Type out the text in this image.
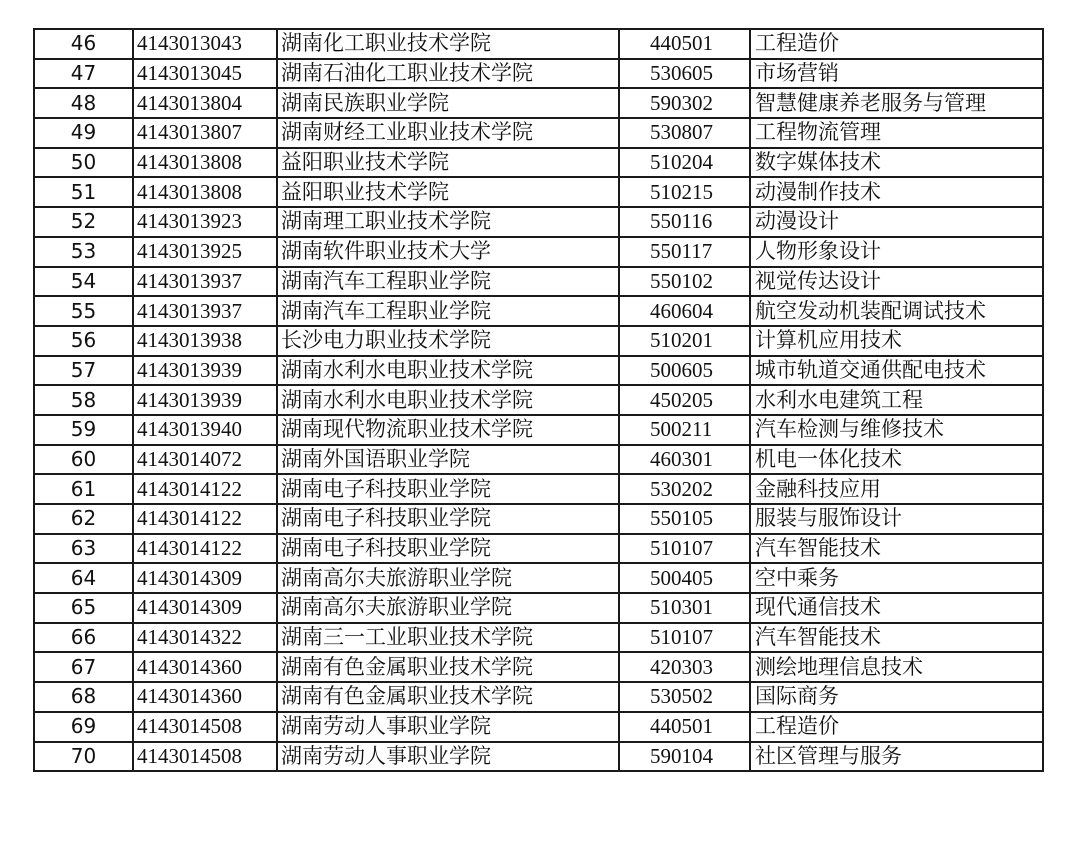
46	4143013043	湖南化工职业技术学院	440501	工程造价
47	4143013045	湖南石油化工职业技术学院	530605	市场营销
48	4143013804	湖南民族职业学院	590302	智慧健康养老服务与管理
49	4143013807	湖南财经工业职业技术学院	530807	工程物流管理
50	4143013808	益阳职业技术学院	510204	数字媒体技术
51	4143013808	益阳职业技术学院	510215	动漫制作技术
52	4143013923	湖南理工职业技术学院	550116	动漫设计
53	4143013925	湖南软件职业技术大学	550117	人物形象设计
54	4143013937	湖南汽车工程职业学院	550102	视觉传达设计
55	4143013937	湖南汽车工程职业学院	460604	航空发动机装配调试技术
56	4143013938	长沙电力职业技术学院	510201	计算机应用技术
57	4143013939	湖南水利水电职业技术学院	500605	城市轨道交通供配电技术
58	4143013939	湖南水利水电职业技术学院	450205	水利水电建筑工程
59	4143013940	湖南现代物流职业技术学院	500211	汽车检测与维修技术
60	4143014072	湖南外国语职业学院	460301	机电一体化技术
61	4143014122	湖南电子科技职业学院	530202	金融科技应用
62	4143014122	湖南电子科技职业学院	550105	服装与服饰设计
63	4143014122	湖南电子科技职业学院	510107	汽车智能技术
64	4143014309	湖南高尔夫旅游职业学院	500405	空中乘务
65	4143014309	湖南高尔夫旅游职业学院	510301	现代通信技术
66	4143014322	湖南三一工业职业技术学院	510107	汽车智能技术
67	4143014360	湖南有色金属职业技术学院	420303	测绘地理信息技术
68	4143014360	湖南有色金属职业技术学院	530502	国际商务
69	4143014508	湖南劳动人事职业学院	440501	工程造价
70	4143014508	湖南劳动人事职业学院	590104	社区管理与服务
